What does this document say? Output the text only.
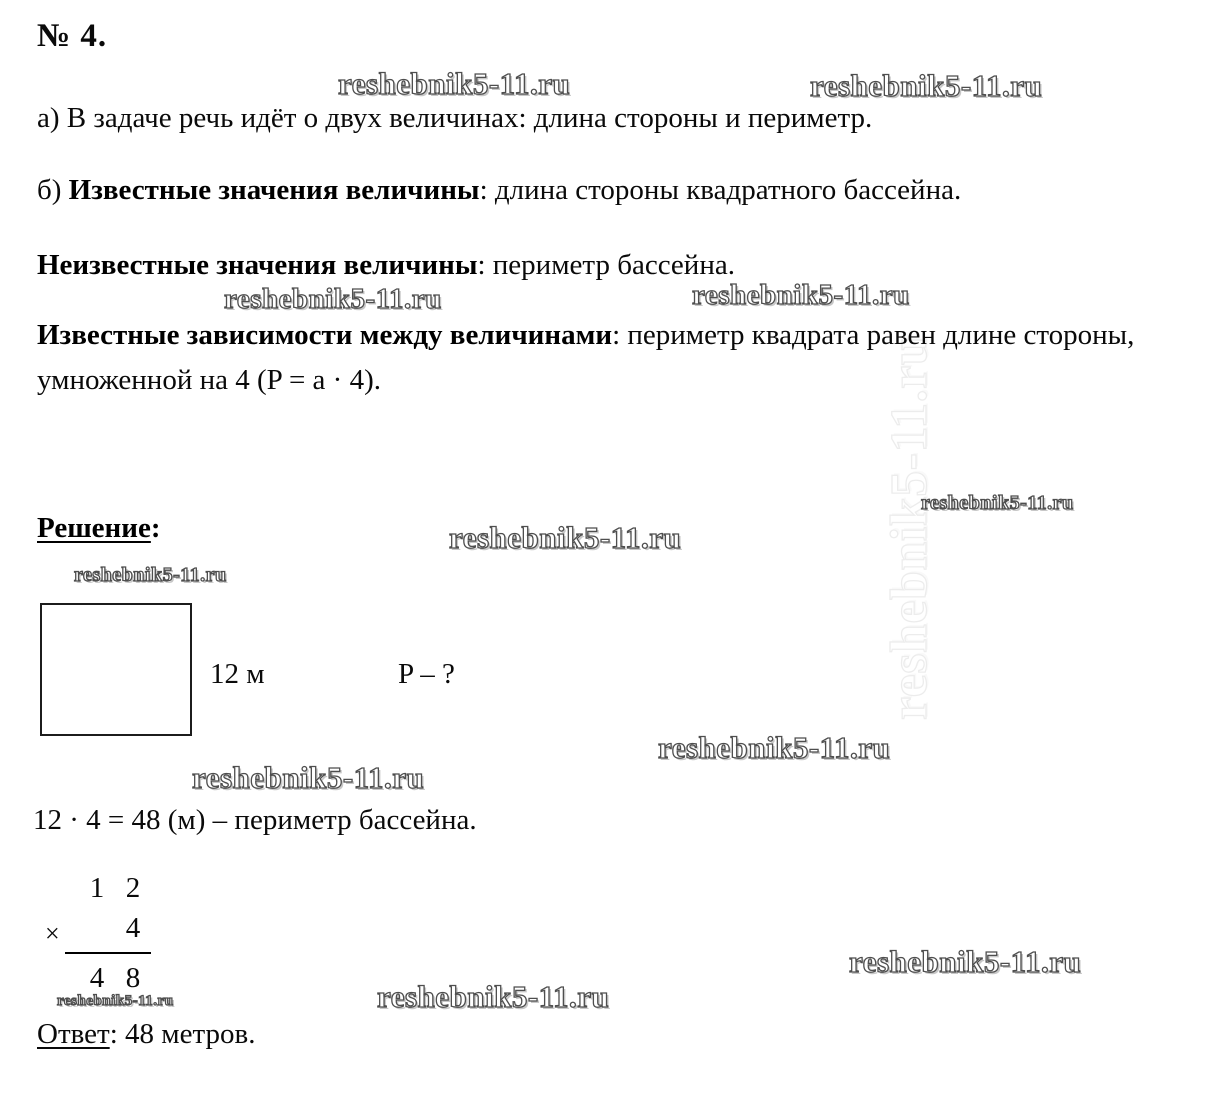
reshebnik5-11.ru	reshebnik5-11.ru
reshebnik5-11.ru	reshebnik5-11.ru
reshebnik5-11.ru
reshebnik5-11.ru
reshebnik5-11.ru
reshebnik5-11.ru
reshebnik5-11.ru
reshebnik5-11.ru
reshebnik5-11.ru
reshebnik5-11.ru
reshebnik5-11.ru
№ 4.
а) В задаче речь идёт о двух величинах: длина стороны и периметр.
б) Известные значения величины: длина стороны квадратного бассейна.
Неизвестные значения величины: периметр бассейна.
Известные зависимости между величинами: периметр квадрата равен длине стороны, умноженной на 4 (P = a · 4).
Решение:
12 м	P – ?
12 · 4 = 48 (м) – периметр бассейна.
1 2
×	4
4 8
Ответ: 48 метров.
